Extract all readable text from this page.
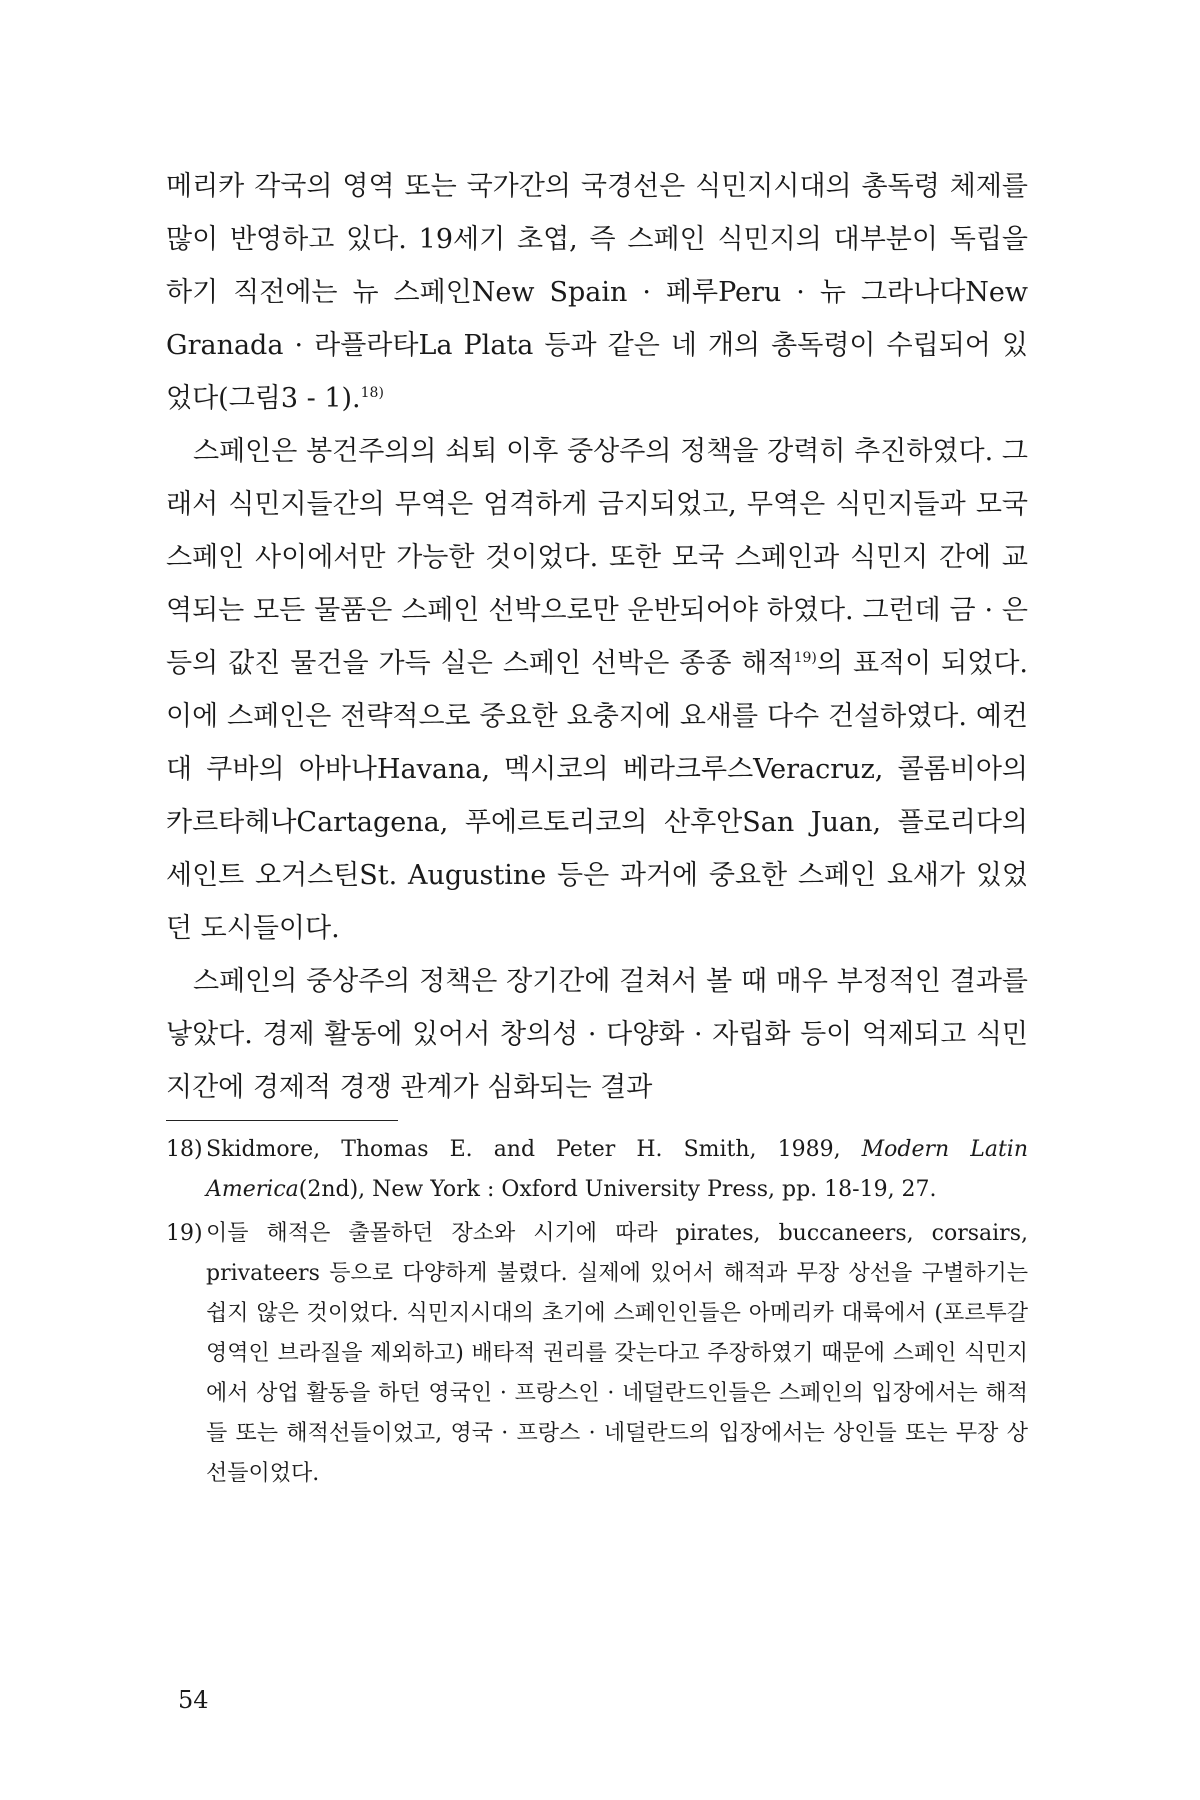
메리카 각국의 영역 또는 국가간의 국경선은 식민지시대의 총독령 체제를 많이 반영하고 있다. 19세기 초엽, 즉 스페인 식민지의 대부분이 독립을 하기 직전에는 뉴 스페인New Spain · 페루Peru · 뉴 그라나다New Granada · 라플라타La Plata 등과 같은 네 개의 총독령이 수립되어 있었다(그림3 - 1).$^{18)}$

스페인은 봉건주의의 쇠퇴 이후 중상주의 정책을 강력히 추진하였다. 그래서 식민지들간의 무역은 엄격하게 금지되었고, 무역은 식민지들과 모국 스페인 사이에서만 가능한 것이었다. 또한 모국 스페인과 식민지 간에 교역되는 모든 물품은 스페인 선박으로만 운반되어야 하였다. 그런데 금 · 은 등의 값진 물건을 가득 실은 스페인 선박은 종종 해적$^{19)}$의 표적이 되었다. 이에 스페인은 전략적으로 중요한 요충지에 요새를 다수 건설하였다. 예컨대 쿠바의 아바나Havana, 멕시코의 베라크루스Veracruz, 콜롬비아의 카르타헤나Cartagena, 푸에르토리코의 산후안San Juan, 플로리다의 세인트 오거스틴St. Augustine 등은 과거에 중요한 스페인 요새가 있었던 도시들이다.

스페인의 중상주의 정책은 장기간에 걸쳐서 볼 때 매우 부정적인 결과를 낳았다. 경제 활동에 있어서 창의성 · 다양화 · 자립화 등이 억제되고 식민지간에 경제적 경쟁 관계가 심화되는 결과

18) Skidmore, Thomas E. and Peter H. Smith, 1989, Modern Latin America(2nd), New York : Oxford University Press, pp. 18-19, 27.

19) 이들 해적은 출몰하던 장소와 시기에 따라 pirates, buccaneers, corsairs, privateers 등으로 다양하게 불렸다. 실제에 있어서 해적과 무장 상선을 구별하기는 쉽지 않은 것이었다. 식민지시대의 초기에 스페인인들은 아메리카 대륙에서 (포르투갈 영역인 브라질을 제외하고) 배타적 권리를 갖는다고 주장하였기 때문에 스페인 식민지에서 상업 활동을 하던 영국인 · 프랑스인 · 네덜란드인들은 스페인의 입장에서는 해적들 또는 해적선들이었고, 영국 · 프랑스 · 네덜란드의 입장에서는 상인들 또는 무장 상선들이었다.

54
